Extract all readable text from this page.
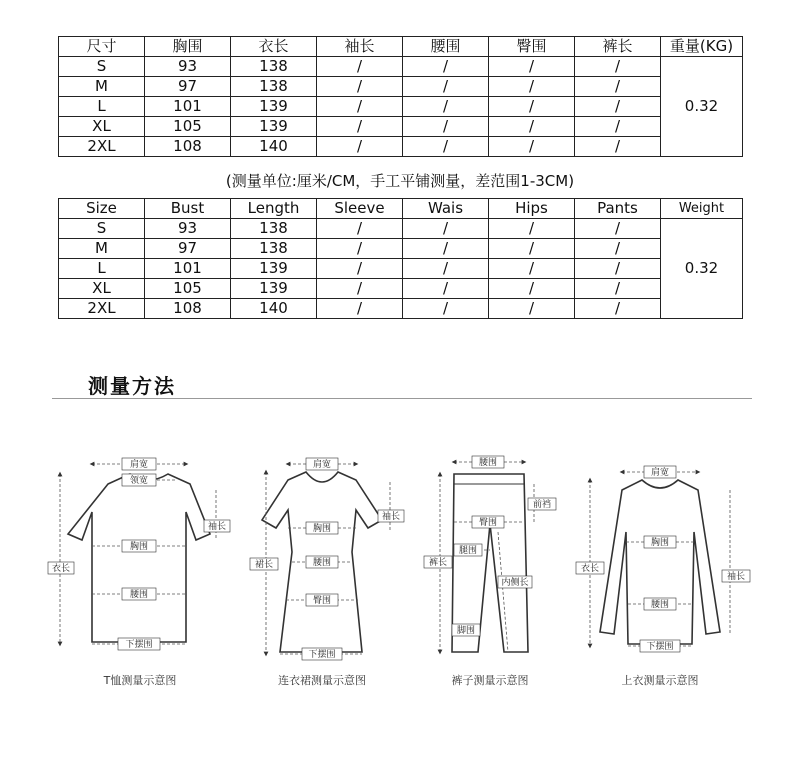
尺寸	胸围	衣长	袖长	腰围	臀围	裤长	重量(KG)
S	93	138	/	/	/	/	0.32
M	97	138	/	/	/	/	
L	101	139	/	/	/	/	
XL	105	139	/	/	/	/	
2XL	108	140	/	/	/	/	
(测量单位:厘米/CM，手工平铺测量，差范围1-3CM)
Size	Bust	Length	Sleeve	Wais	Hips	Pants	Weight
S	93	138	/	/	/	/	0.32
M	97	138	/	/	/	/	
L	101	139	/	/	/	/	
XL	105	139	/	/	/	/	
2XL	108	140	/	/	/	/	
测量方法
肩宽
领宽
袖长
胸围
衣长
腰围
下摆围
肩宽
袖长
胸围
裙长	腰围
臀围
下摆围
腰围
前裆
臀围
腿围
裤长
内侧长
脚围
肩宽
衣长
胸围
袖长
腰围
下摆围
T恤测量示意图	连衣裙测量示意图	裤子测量示意图	上衣测量示意图
